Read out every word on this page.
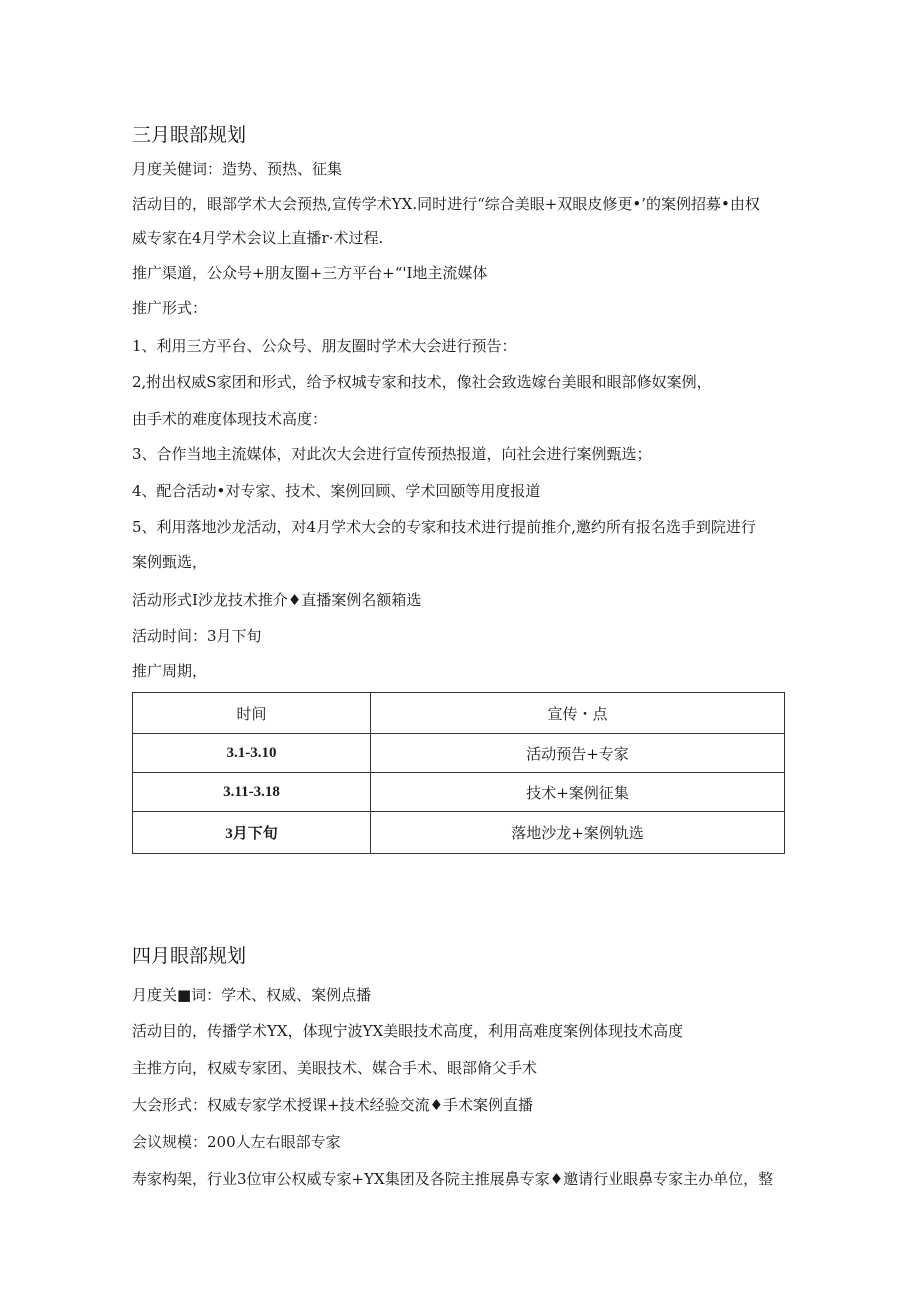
三月眼部规划

月度关健词：造势、预热、征集

活动目的，眼部学术大会预热,宣传学术YX.同时进行“综合美眼+双眼皮修更•’的案例招募•由权

威专家在4月学术会议上直播r·术过程.

推广渠道，公众号+朋友圈+三方平台+“'I地主流媒体

推广形式：

1、利用三方平台、公众号、朋友圈时学术大会进行预告：

2,拊出权威S家团和形式，给予权城专家和技术，像社会致选嫁台美眼和眼部修奴案例，

由手术的难度体现技术高度：

3、合作当地主流媒体，对此次大会进行宣传预热报道，向社会进行案例甄选；

4、配合活动•对专家、技术、案例回顾、学术回颐等用度报道

5、利用落地沙龙活动，对4月学术大会的专家和技术进行提前推介,邀约所有报名选手到院进行

案例甄选，

活动形式I沙龙技术推介♦直播案例名额箱选

活动时间：3月下旬

推广周期，

时间	宣传・点
3.1-3.10	活动预告+专家
3.11-3.18	技术+案例征集
3月下旬	落地沙龙+案例轨选
四月眼部规划

月度关■词：学术、权威、案例点播

活动目的，传播学术YX，体现宁波YX美眼技术高度，利用高难度案例体现技术高度

主推方向，权威专家团、美眼技术、媒合手术、眼部脩父手术

大会形式：权威专家学术授课+技术经验交流♦手术案例直播

会议规模：200人左右眼部专家

寿家构架，行业3位审公权威专家+YX集团及各院主推展鼻专家♦邀请行业眼鼻专家主办单位，整
